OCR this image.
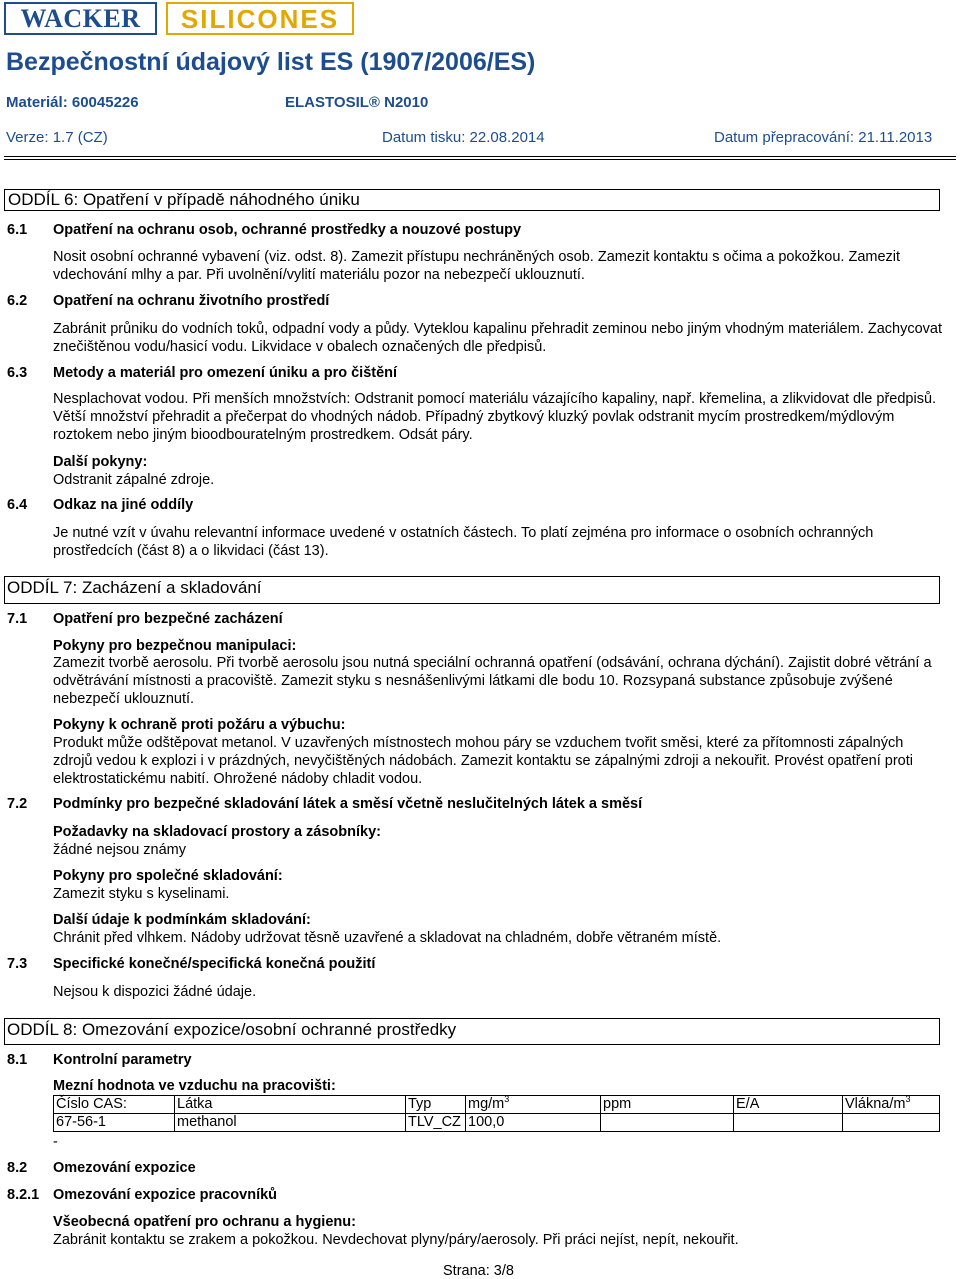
WACKER	SILICONES
Bezpečnostní údajový list ES (1907/2006/ES)
Materiál: 60045226	ELASTOSIL® N2010
Verze: 1.7 (CZ)	Datum tisku: 22.08.2014	Datum přepracování: 21.11.2013
ODDÍL 6: Opatření v případě náhodného úniku
6.1 Opatření na ochranu osob, ochranné prostředky a nouzové postupy
Nosit osobní ochranné vybavení (viz. odst. 8). Zamezit přístupu nechráněných osob. Zamezit kontaktu s očima a pokožkou. Zamezit vdechování mlhy a par. Při uvolnění/vylití materiálu pozor na nebezpečí uklouznutí.
6.2 Opatření na ochranu životního prostředí
Zabránit průniku do vodních toků, odpadní vody a půdy. Vyteklou kapalinu přehradit zeminou nebo jiným vhodným materiálem. Zachycovat znečištěnou vodu/hasicí vodu. Likvidace v obalech označených dle předpisů.
6.3 Metody a materiál pro omezení úniku a pro čištění
Nesplachovat vodou. Při menších množstvích: Odstranit pomocí materiálu vázajícího kapaliny, např. křemelina, a zlikvidovat dle předpisů. Větší množství přehradit a přečerpat do vhodných nádob. Případný zbytkový kluzký povlak odstranit mycím prostredkem/mýdlovým roztokem nebo jiným bioodbouratelným prostredkem. Odsát páry.
Další pokyny:
Odstranit zápalné zdroje.
6.4 Odkaz na jiné oddíly
Je nutné vzít v úvahu relevantní informace uvedené v ostatních částech. To platí zejména pro informace o osobních ochranných prostředcích (část 8) a o likvidaci (část 13).
ODDÍL 7: Zacházení a skladování
7.1 Opatření pro bezpečné zacházení
Pokyny pro bezpečnou manipulaci:
Zamezit tvorbě aerosolu. Při tvorbě aerosolu jsou nutná speciální ochranná opatření (odsávání, ochrana dýchání). Zajistit dobré větrání a odvětrávání místnosti a pracoviště. Zamezit styku s nesnášenlivými látkami dle bodu 10. Rozsypaná substance způsobuje zvýšené nebezpečí uklouznutí.
Pokyny k ochraně proti požáru a výbuchu:
Produkt může odštěpovat metanol. V uzavřených místnostech mohou páry se vzduchem tvořit směsi, které za přítomnosti zápalných zdrojů vedou k explozi i v prázdných, nevyčištěných nádobách. Zamezit kontaktu se zápalnými zdroji a nekouřit. Provést opatření proti elektrostatickému nabití. Ohrožené nádoby chladit vodou.
7.2 Podmínky pro bezpečné skladování látek a směsí včetně neslučitelných látek a směsí
Požadavky na skladovací prostory a zásobníky:
žádné nejsou známy
Pokyny pro společné skladování:
Zamezit styku s kyselinami.
Další údaje k podmínkám skladování:
Chránit před vlhkem. Nádoby udržovat těsně uzavřené a skladovat na chladném, dobře větraném místě.
7.3 Specifické konečné/specifická konečná použití
Nejsou k dispozici žádné údaje.
ODDÍL 8: Omezování expozice/osobní ochranné prostředky
8.1 Kontrolní parametry
Mezní hodnota ve vzduchu na pracovišti:
Číslo CAS:	Látka	Typ	$mg/m^3$	ppm	E/A	Vlákna/$m^3$
67-56-1	methanol	TLV_CZ	100,0			
-
8.2 Omezování expozice
8.2.1 Omezování expozice pracovníků
Všeobecná opatření pro ochranu a hygienu:
Zabránit kontaktu se zrakem a pokožkou. Nevdechovat plyny/páry/aerosoly. Při práci nejíst, nepít, nekouřit.
Strana: 3/8
